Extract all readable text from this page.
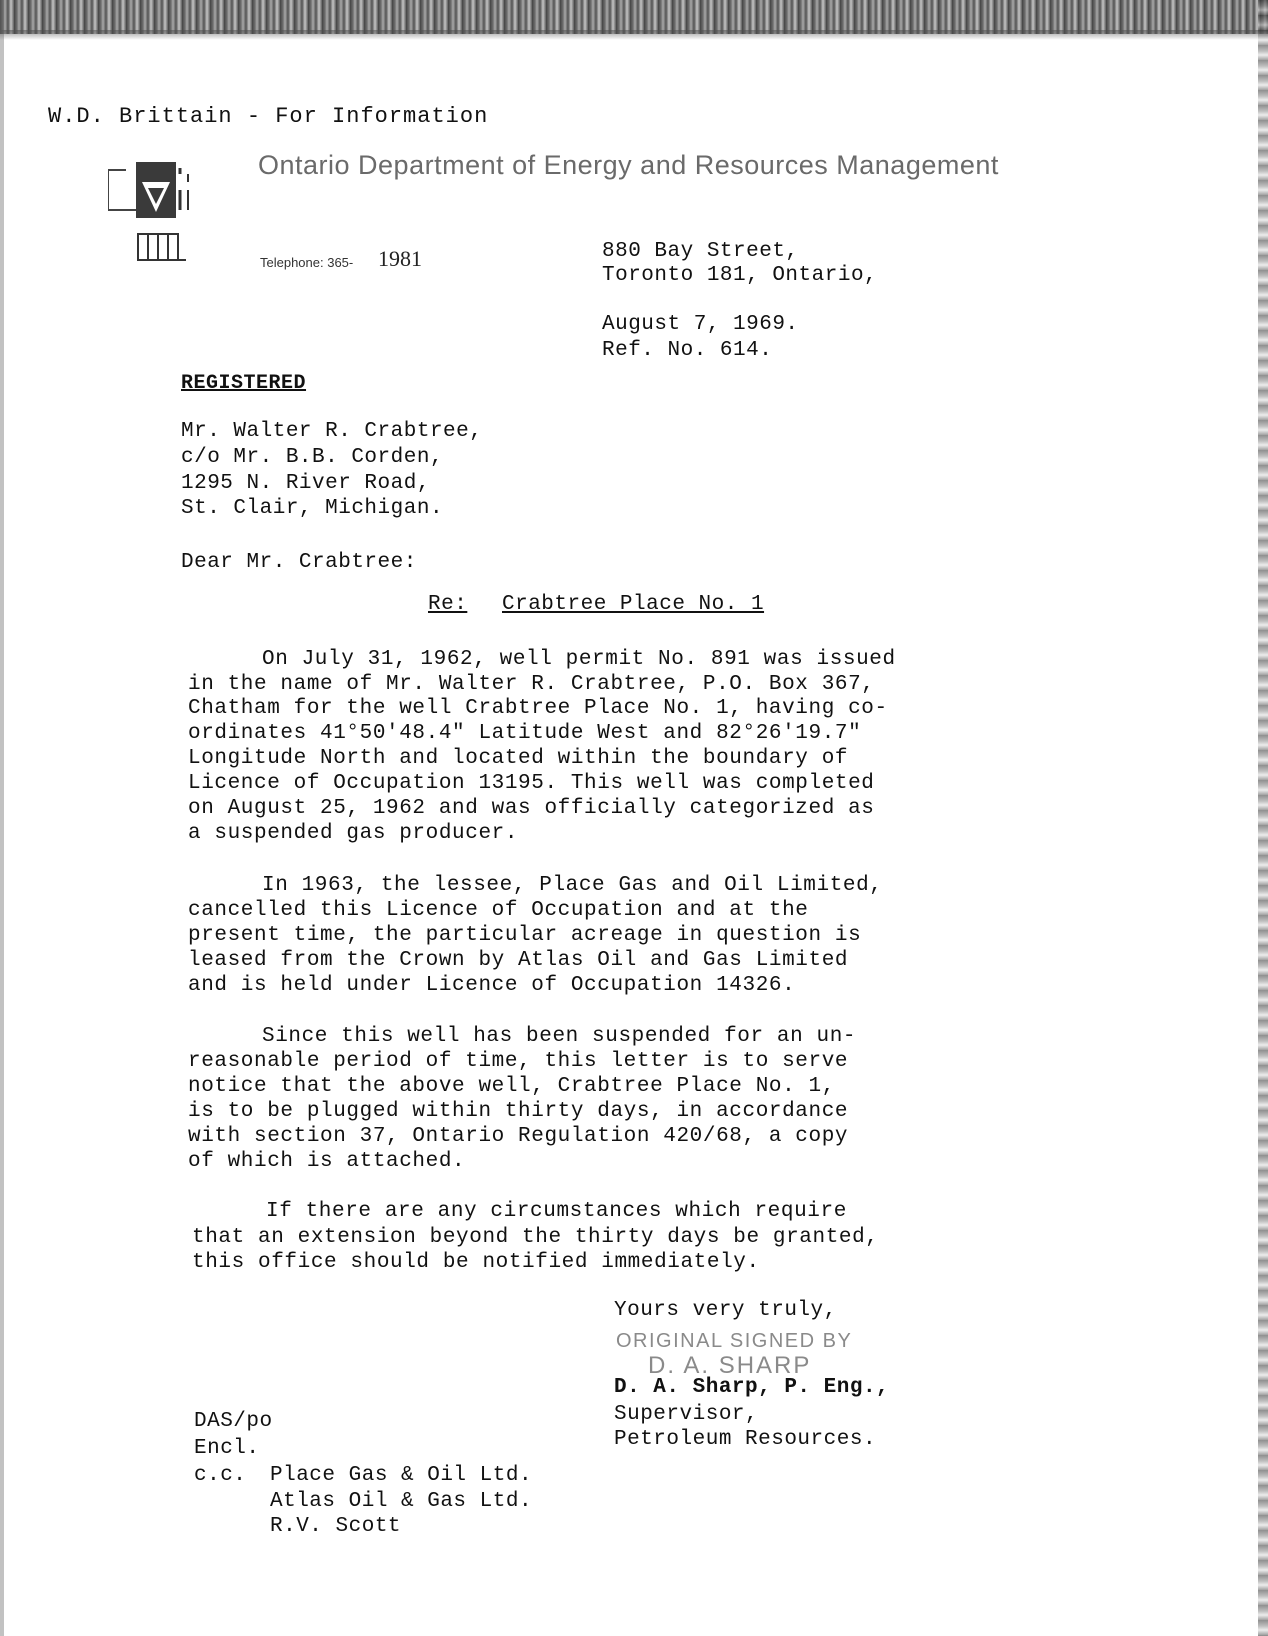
W.D. Brittain - For Information
Ontario Department of Energy and Resources Management
Telephone: 365- 1981	880 Bay Street,
Toronto 181, Ontario,
August 7, 1969.
Ref. No. 614.
REGISTERED
Mr. Walter R. Crabtree,
c/o Mr. B.B. Corden,
1295 N. River Road,
St. Clair, Michigan.
Dear Mr. Crabtree:
Re: Crabtree Place No. 1
On July 31, 1962, well permit No. 891 was issued
in the name of Mr. Walter R. Crabtree, P.O. Box 367,
Chatham for the well Crabtree Place No. 1, having co-
ordinates 41°50'48.4" Latitude West and 82°26'19.7"
Longitude North and located within the boundary of
Licence of Occupation 13195. This well was completed
on August 25, 1962 and was officially categorized as
a suspended gas producer.
In 1963, the lessee, Place Gas and Oil Limited,
cancelled this Licence of Occupation and at the
present time, the particular acreage in question is
leased from the Crown by Atlas Oil and Gas Limited
and is held under Licence of Occupation 14326.
Since this well has been suspended for an un-
reasonable period of time, this letter is to serve
notice that the above well, Crabtree Place No. 1,
is to be plugged within thirty days, in accordance
with section 37, Ontario Regulation 420/68, a copy
of which is attached.
If there are any circumstances which require
that an extension beyond the thirty days be granted,
this office should be notified immediately.
Yours very truly,
ORIGINAL SIGNED BY
D. A. SHARP
D. A. Sharp, P. Eng.,
Supervisor,
Petroleum Resources.
DAS/po
Encl.
c.c. Place Gas & Oil Ltd.
Atlas Oil & Gas Ltd.
R.V. Scott
